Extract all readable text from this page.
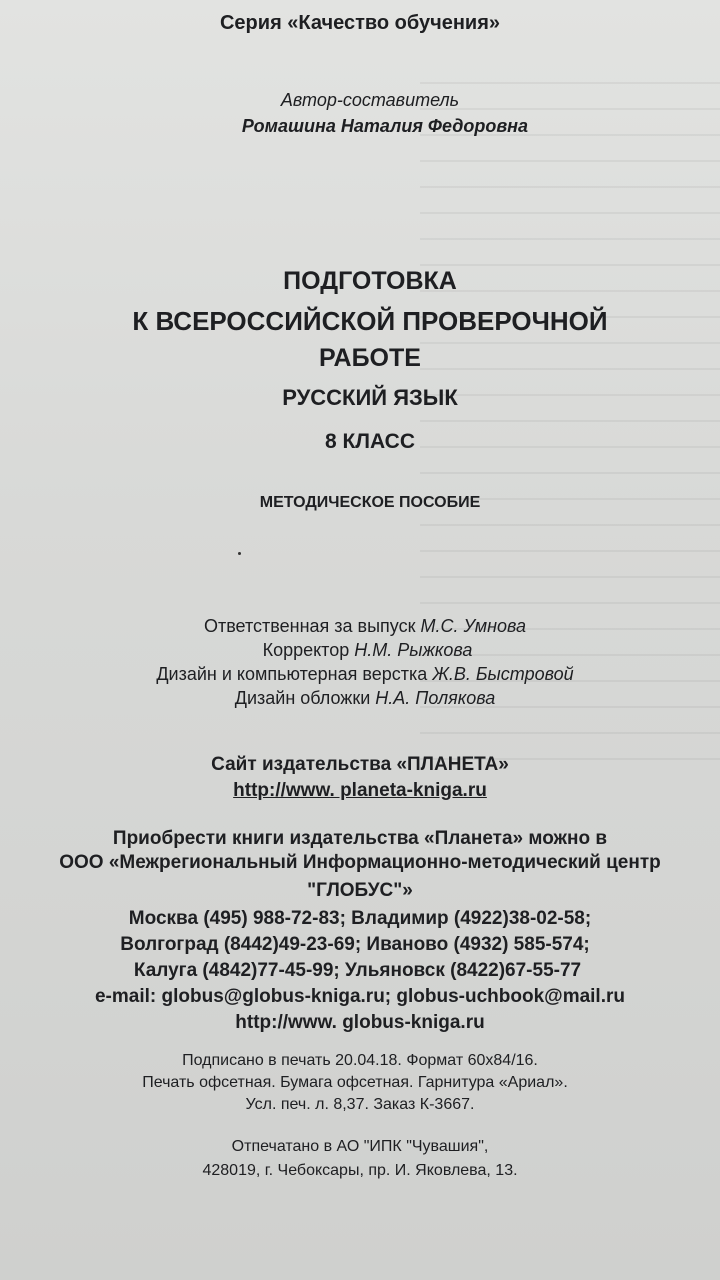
Серия «Качество обучения»
Автор-составитель
Ромашина Наталия Федоровна
ПОДГОТОВКА
К ВСЕРОССИЙСКОЙ ПРОВЕРОЧНОЙ
РАБОТЕ
РУССКИЙ ЯЗЫК
8 КЛАСС
МЕТОДИЧЕСКОЕ ПОСОБИЕ
Ответственная за выпуск М.С. Умнова
Корректор Н.М. Рыжкова
Дизайн и компьютерная верстка Ж.В. Быстровой
Дизайн обложки Н.А. Полякова
Сайт издательства «ПЛАНЕТА»
http://www. planeta-kniga.ru
Приобрести книги издательства «Планета» можно в
ООО «Межрегиональный Информационно-методический центр
"ГЛОБУС"»
Москва (495) 988-72-83; Владимир (4922)38-02-58;
Волгоград (8442)49-23-69; Иваново (4932) 585-574;
Калуга (4842)77-45-99; Ульяновск (8422)67-55-77
e-mail: globus@globus-kniga.ru; globus-uchbook@mail.ru
http://www. globus-kniga.ru
Подписано в печать 20.04.18. Формат 60х84/16.
Печать офсетная. Бумага офсетная. Гарнитура «Ариал».
Усл. печ. л. 8,37. Заказ К-3667.
Отпечатано в АО "ИПК "Чувашия",
428019, г. Чебоксары, пр. И. Яковлева, 13.
